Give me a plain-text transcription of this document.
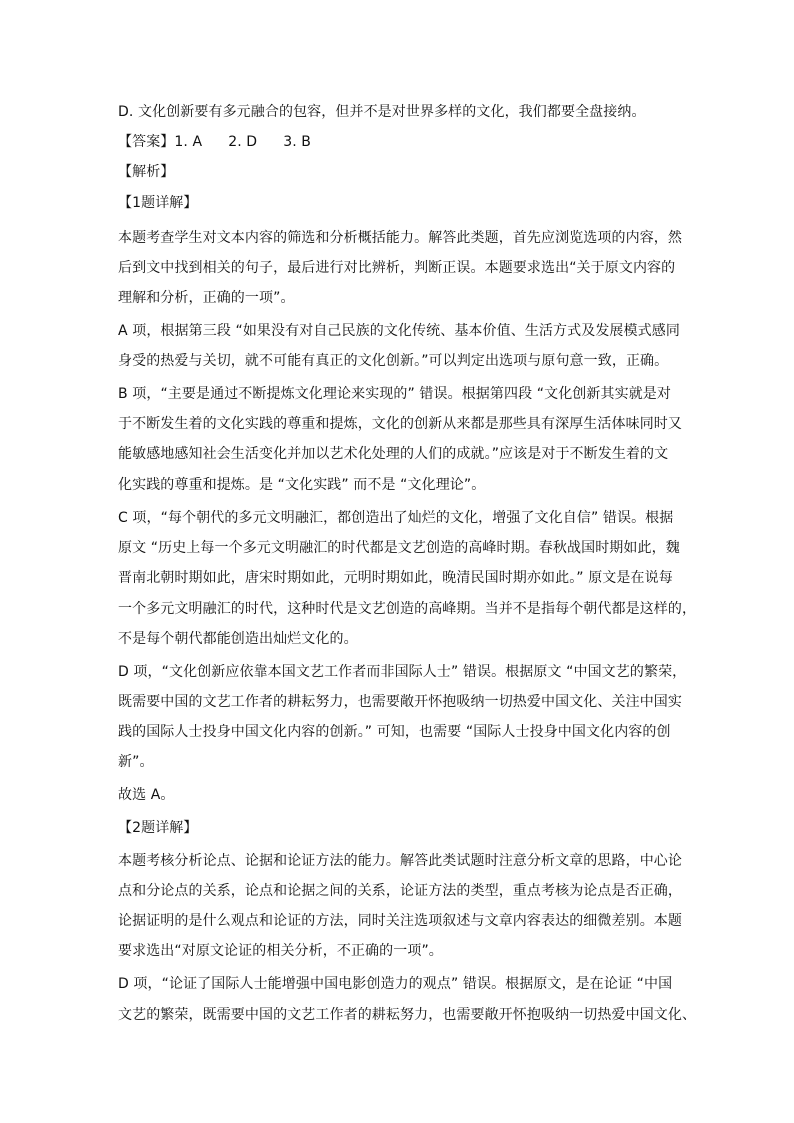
D. 文化创新要有多元融合的包容，但并不是对世界多样的文化，我们都要全盘接纳。
【答案】1. A 2. D 3. B
【解析】
【1题详解】
本题考查学生对文本内容的筛选和分析概括能力。解答此类题，首先应浏览选项的内容，然
后到文中找到相关的句子，最后进行对比辨析，判断正误。本题要求选出“关于原文内容的
理解和分析，正确的一项”。
A 项，根据第三段 “如果没有对自己民族的文化传统、基本价值、生活方式及发展模式感同
身受的热爱与关切，就不可能有真正的文化创新。”可以判定出选项与原句意一致，正确。
B 项，“主要是通过不断提炼文化理论来实现的” 错误。根据第四段 “文化创新其实就是对
于不断发生着的文化实践的尊重和提炼，文化的创新从来都是那些具有深厚生活体味同时又
能敏感地感知社会生活变化并加以艺术化处理的人们的成就。”应该是对于不断发生着的文
化实践的尊重和提炼。是 “文化实践” 而不是 “文化理论”。
C 项，“每个朝代的多元文明融汇，都创造出了灿烂的文化，增强了文化自信” 错误。根据
原文 “历史上每一个多元文明融汇的时代都是文艺创造的高峰时期。春秋战国时期如此，魏
晋南北朝时期如此，唐宋时期如此，元明时期如此，晚清民国时期亦如此。” 原文是在说每
一个多元文明融汇的时代，这种时代是文艺创造的高峰期。当并不是指每个朝代都是这样的，
不是每个朝代都能创造出灿烂文化的。
D 项，“文化创新应依靠本国文艺工作者而非国际人士” 错误。根据原文 “中国文艺的繁荣，
既需要中国的文艺工作者的耕耘努力，也需要敞开怀抱吸纳一切热爱中国文化、关注中国实
践的国际人士投身中国文化内容的创新。” 可知，也需要 “国际人士投身中国文化内容的创
新”。
故选 A。
【2题详解】
本题考核分析论点、论据和论证方法的能力。解答此类试题时注意分析文章的思路，中心论
点和分论点的关系，论点和论据之间的关系，论证方法的类型，重点考核为论点是否正确，
论据证明的是什么观点和论证的方法，同时关注选项叙述与文章内容表达的细微差别。本题
要求选出“对原文论证的相关分析，不正确的一项”。
D 项，“论证了国际人士能增强中国电影创造力的观点” 错误。根据原文，是在论证 “中国
文艺的繁荣，既需要中国的文艺工作者的耕耘努力，也需要敞开怀抱吸纳一切热爱中国文化、
